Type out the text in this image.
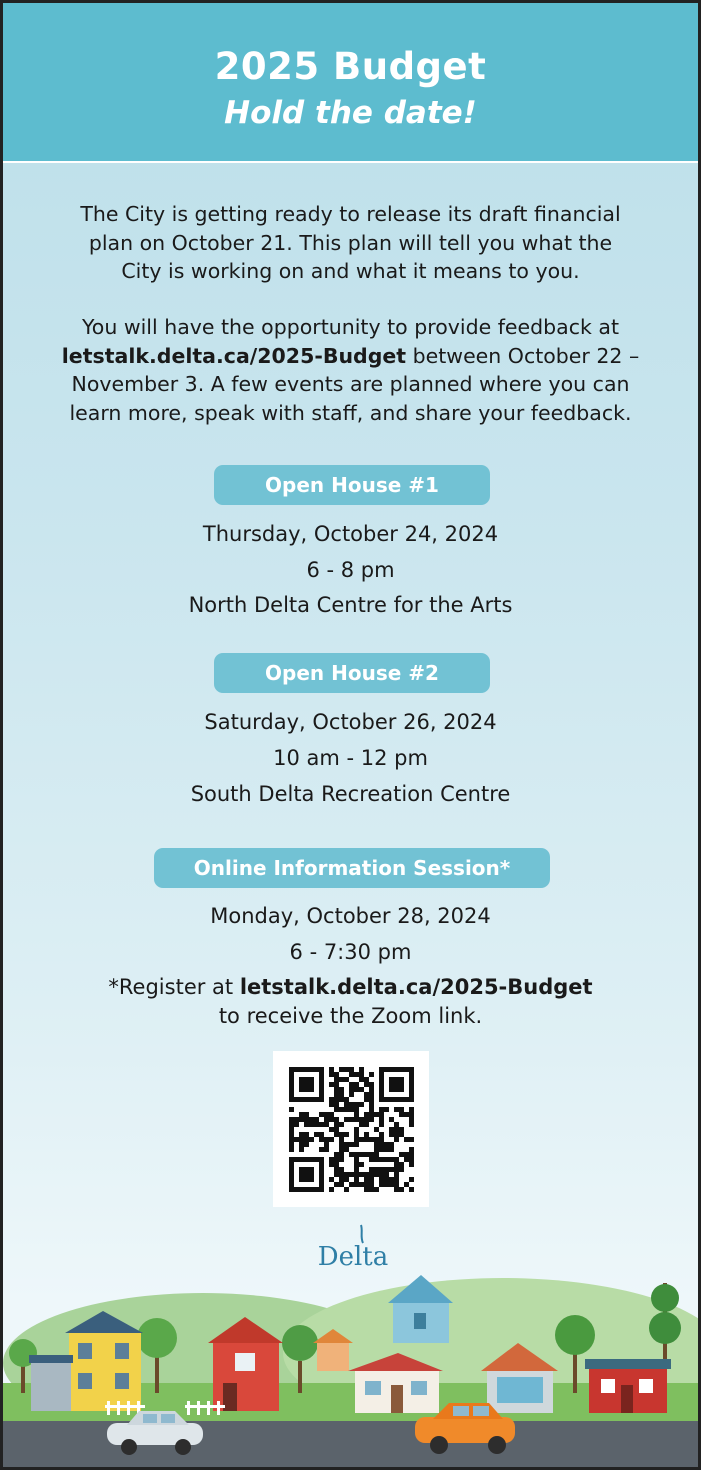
2025 Budget
Hold the date!
The City is getting ready to release its draft financial
plan on October 21. This plan will tell you what the
City is working on and what it means to you.
You will have the opportunity to provide feedback at
letstalk.delta.ca/2025-Budget between October 22 –
November 3. A few events are planned where you can
learn more, speak with staff, and share your feedback.
Open House #1
Thursday, October 24, 2024
6 - 8 pm
North Delta Centre for the Arts
Open House #2
Saturday, October 26, 2024
10 am - 12 pm
South Delta Recreation Centre
Online Information Session*
Monday, October 28, 2024
6 - 7:30 pm
*Register at letstalk.delta.ca/2025-Budget
to receive the Zoom link.
Delta
